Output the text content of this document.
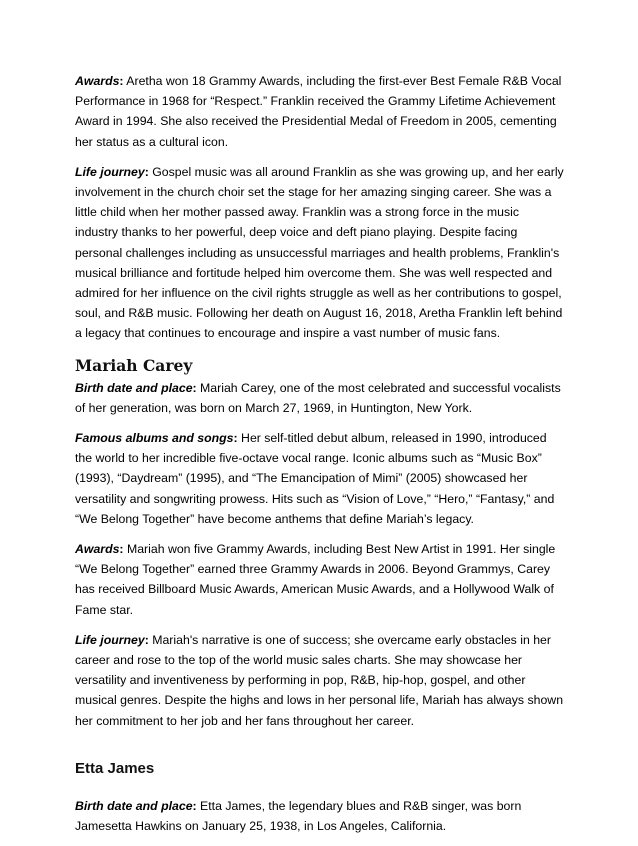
Awards: Aretha won 18 Grammy Awards, including the first-ever Best Female R&B Vocal Performance in 1968 for “Respect.” Franklin received the Grammy Lifetime Achievement Award in 1994. She also received the Presidential Medal of Freedom in 2005, cementing her status as a cultural icon.

Life journey: Gospel music was all around Franklin as she was growing up, and her early involvement in the church choir set the stage for her amazing singing career. She was a little child when her mother passed away. Franklin was a strong force in the music industry thanks to her powerful, deep voice and deft piano playing. Despite facing personal challenges including as unsuccessful marriages and health problems, Franklin's musical brilliance and fortitude helped him overcome them. She was well respected and admired for her influence on the civil rights struggle as well as her contributions to gospel, soul, and R&B music. Following her death on August 16, 2018, Aretha Franklin left behind a legacy that continues to encourage and inspire a vast number of music fans.

Mariah Carey

Birth date and place: Mariah Carey, one of the most celebrated and successful vocalists of her generation, was born on March 27, 1969, in Huntington, New York.

Famous albums and songs: Her self-titled debut album, released in 1990, introduced the world to her incredible five-octave vocal range. Iconic albums such as “Music Box” (1993), “Daydream” (1995), and “The Emancipation of Mimi” (2005) showcased her versatility and songwriting prowess. Hits such as “Vision of Love,” “Hero,” “Fantasy,” and “We Belong Together” have become anthems that define Mariah’s legacy.

Awards: Mariah won five Grammy Awards, including Best New Artist in 1991. Her single “We Belong Together” earned three Grammy Awards in 2006. Beyond Grammys, Carey has received Billboard Music Awards, American Music Awards, and a Hollywood Walk of Fame star.

Life journey: Mariah's narrative is one of success; she overcame early obstacles in her career and rose to the top of the world music sales charts. She may showcase her versatility and inventiveness by performing in pop, R&B, hip-hop, gospel, and other musical genres. Despite the highs and lows in her personal life, Mariah has always shown her commitment to her job and her fans throughout her career.

Etta James

Birth date and place: Etta James, the legendary blues and R&B singer, was born Jamesetta Hawkins on January 25, 1938, in Los Angeles, California.
